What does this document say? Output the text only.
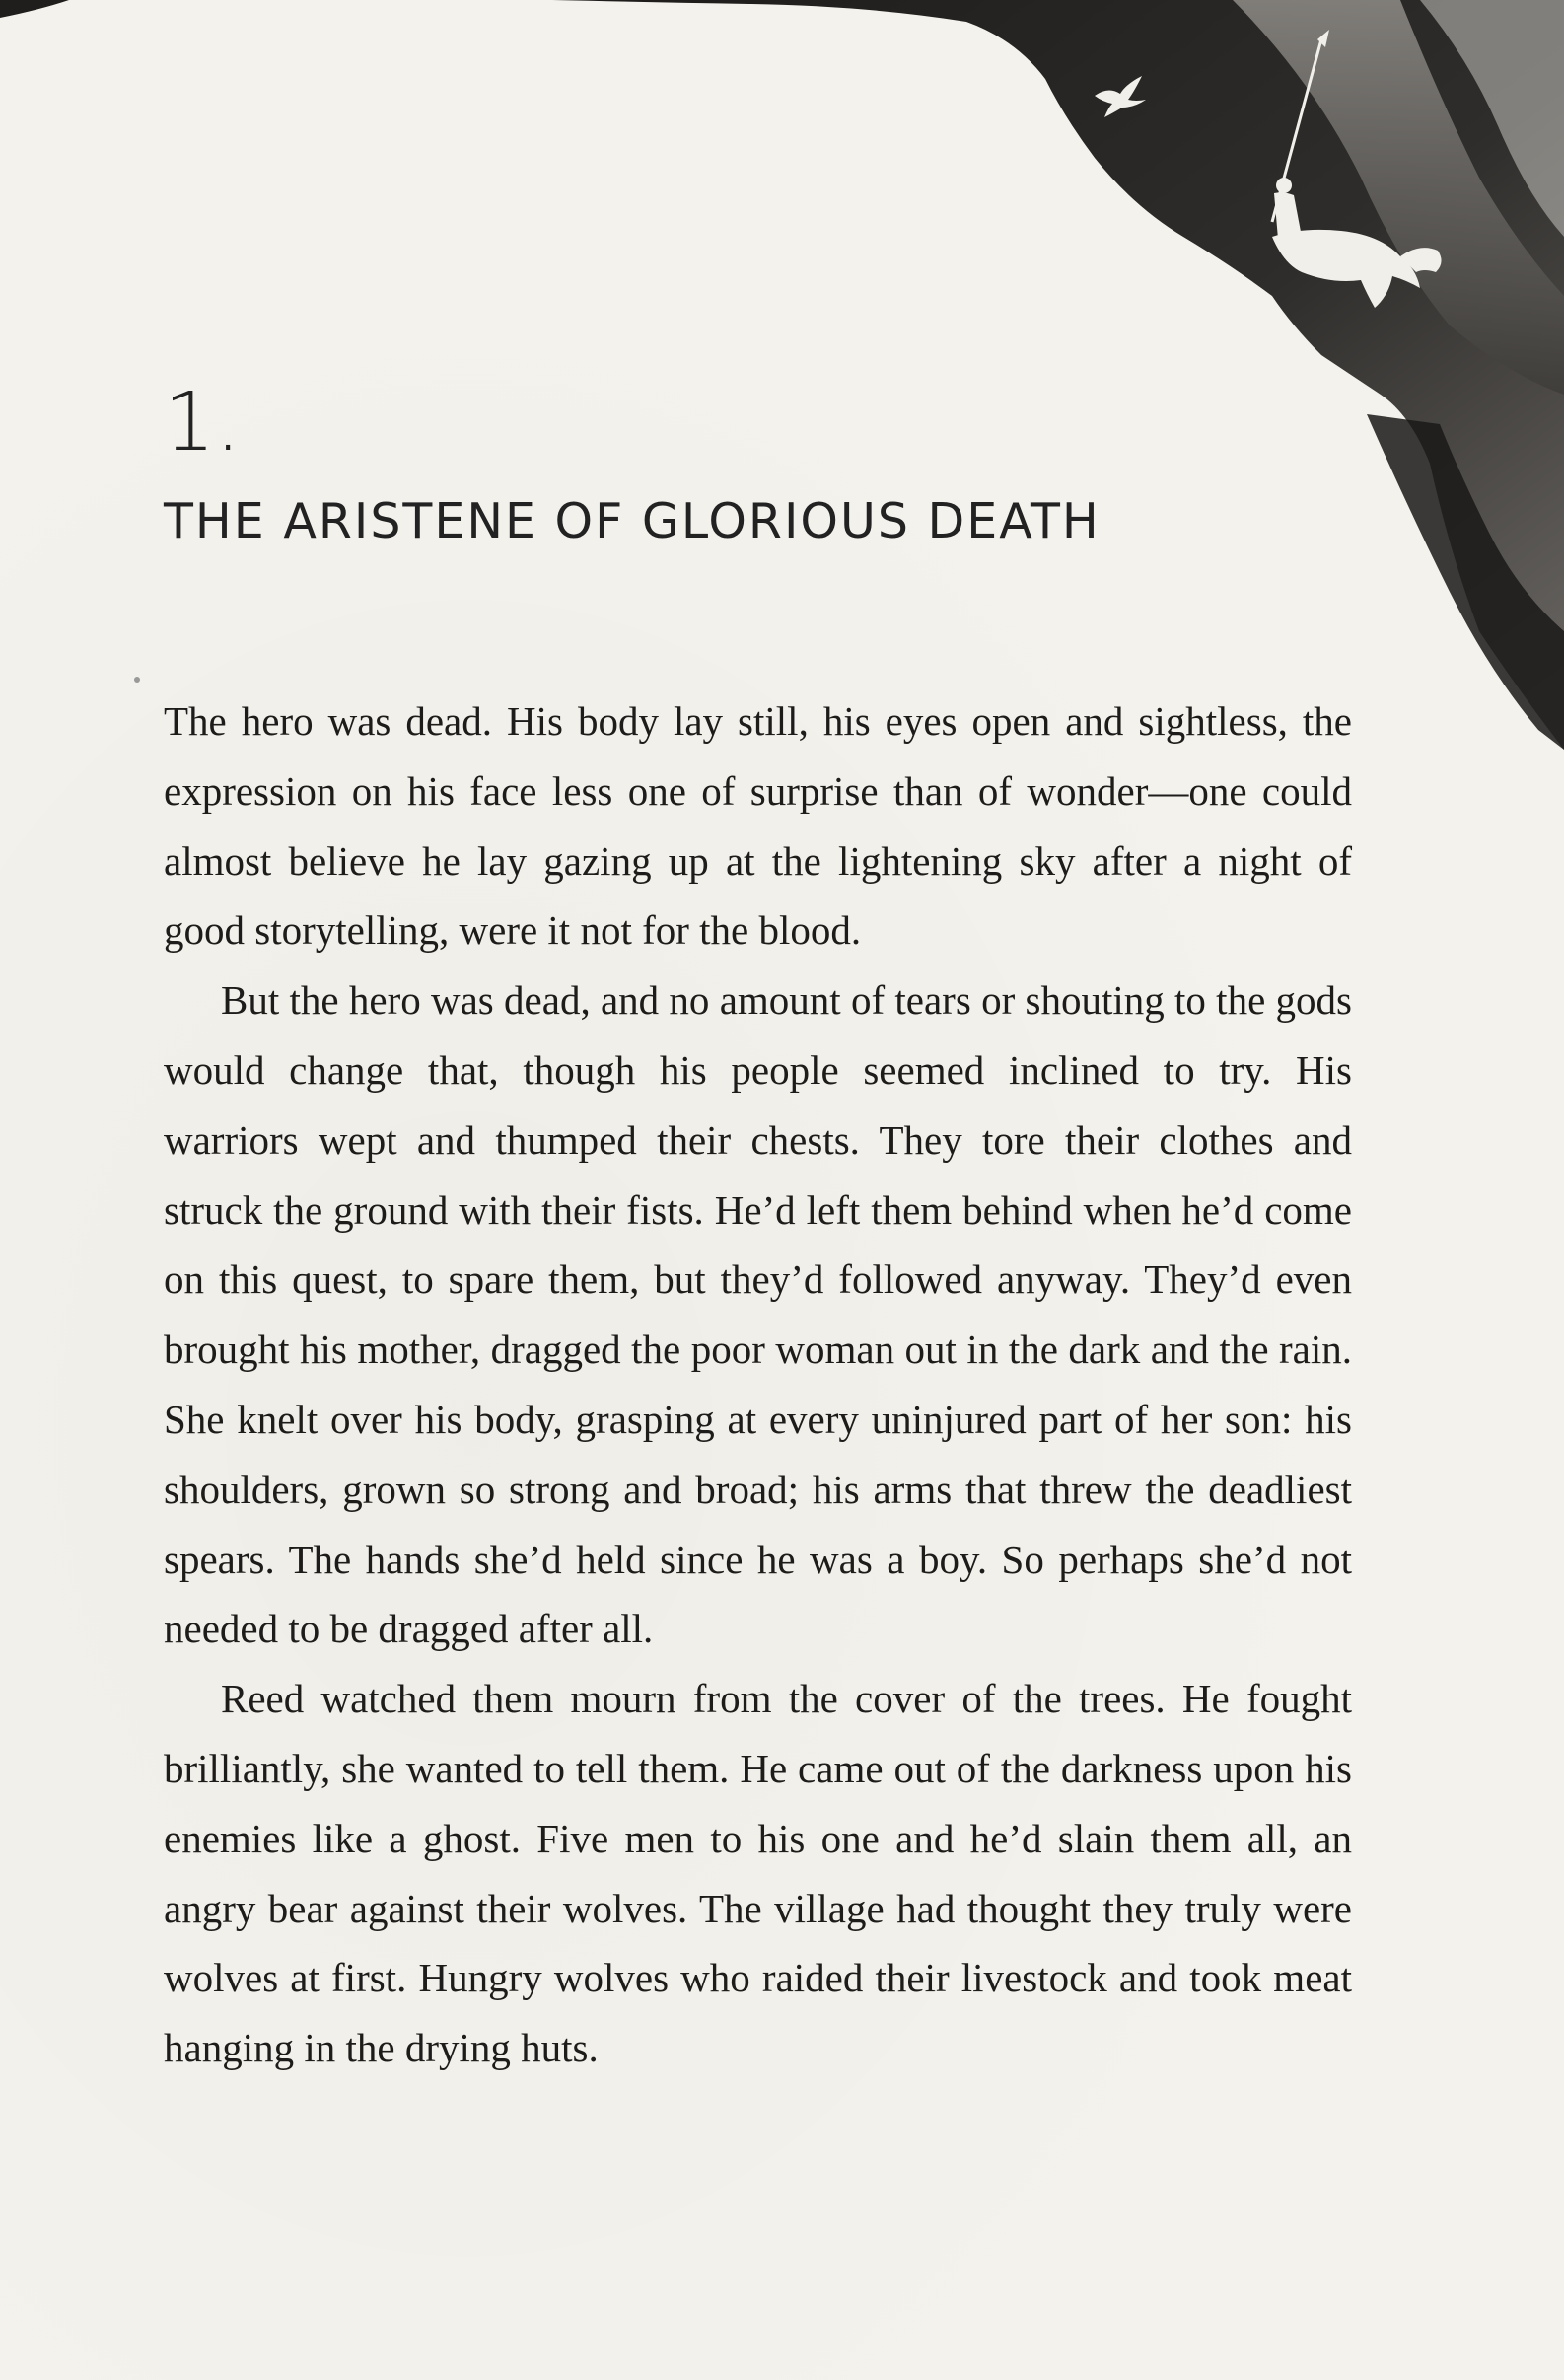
1.
THE ARISTENE OF GLORIOUS DEATH

The hero was dead. His body lay still, his eyes open and sightless, the expression on his face less one of surprise than of wonder—one could almost believe he lay gazing up at the lightening sky after a night of good storytelling, were it not for the blood.

But the hero was dead, and no amount of tears or shouting to the gods would change that, though his people seemed inclined to try. His warriors wept and thumped their chests. They tore their clothes and struck the ground with their fists. He’d left them behind when he’d come on this quest, to spare them, but they’d followed anyway. They’d even brought his mother, dragged the poor woman out in the dark and the rain. She knelt over his body, grasping at every uninjured part of her son: his shoulders, grown so strong and broad; his arms that threw the deadliest spears. The hands she’d held since he was a boy. So perhaps she’d not needed to be dragged after all.

Reed watched them mourn from the cover of the trees. He fought brilliantly, she wanted to tell them. He came out of the darkness upon his enemies like a ghost. Five men to his one and he’d slain them all, an angry bear against their wolves. The village had thought they truly were wolves at first. Hungry wolves who raided their livestock and took meat hanging in the drying huts.
